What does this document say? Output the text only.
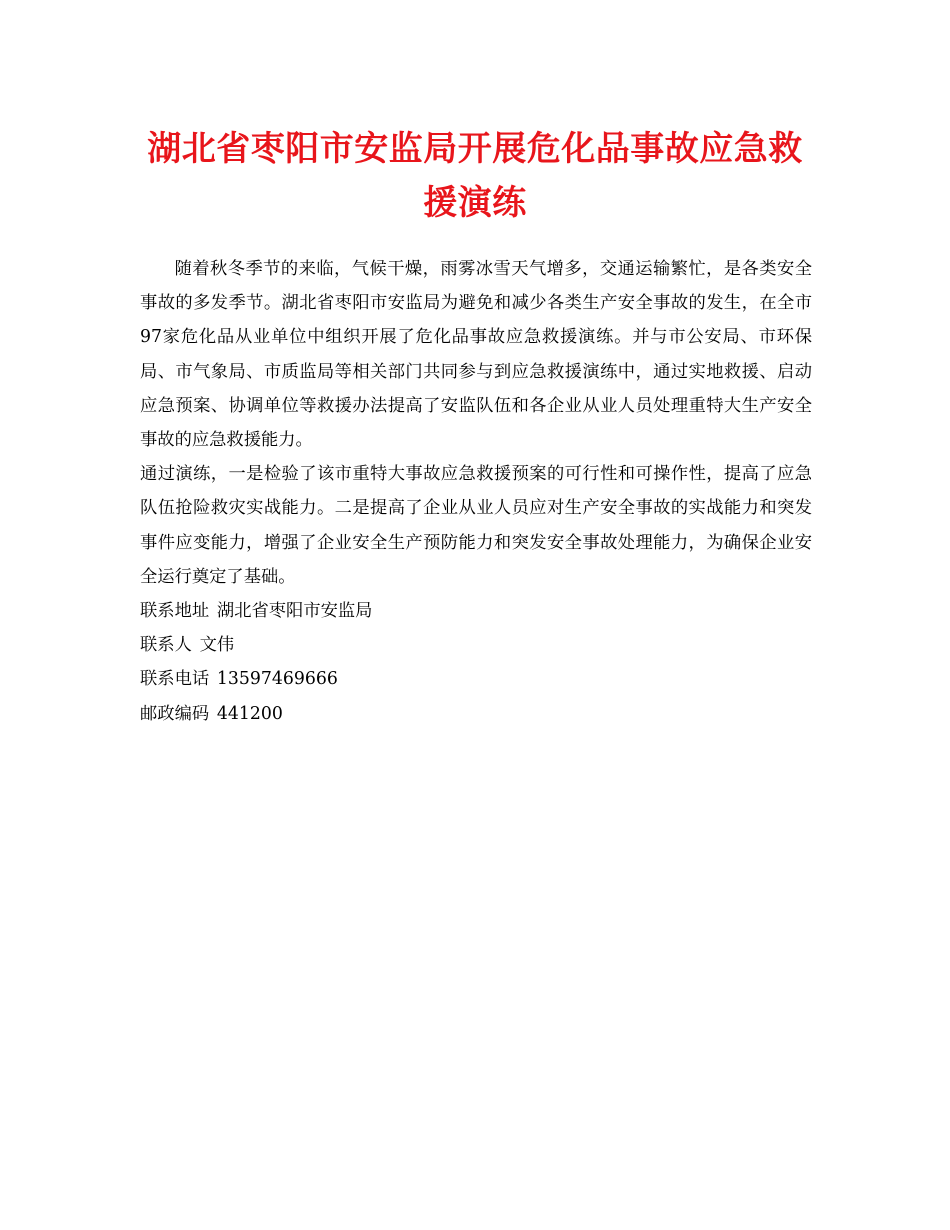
湖北省枣阳市安监局开展危化品事故应急救援演练

随着秋冬季节的来临，气候干燥，雨雾冰雪天气增多，交通运输繁忙，是各类安全事故的多发季节。湖北省枣阳市安监局为避免和减少各类生产安全事故的发生，在全市97家危化品从业单位中组织开展了危化品事故应急救援演练。并与市公安局、市环保局、市气象局、市质监局等相关部门共同参与到应急救援演练中，通过实地救援、启动应急预案、协调单位等救援办法提高了安监队伍和各企业从业人员处理重特大生产安全事故的应急救援能力。

通过演练，一是检验了该市重特大事故应急救援预案的可行性和可操作性，提高了应急队伍抢险救灾实战能力。二是提高了企业从业人员应对生产安全事故的实战能力和突发事件应变能力，增强了企业安全生产预防能力和突发安全事故处理能力，为确保企业安全运行奠定了基础。

联系地址 湖北省枣阳市安监局

联系人 文伟

联系电话 13597469666

邮政编码 441200
